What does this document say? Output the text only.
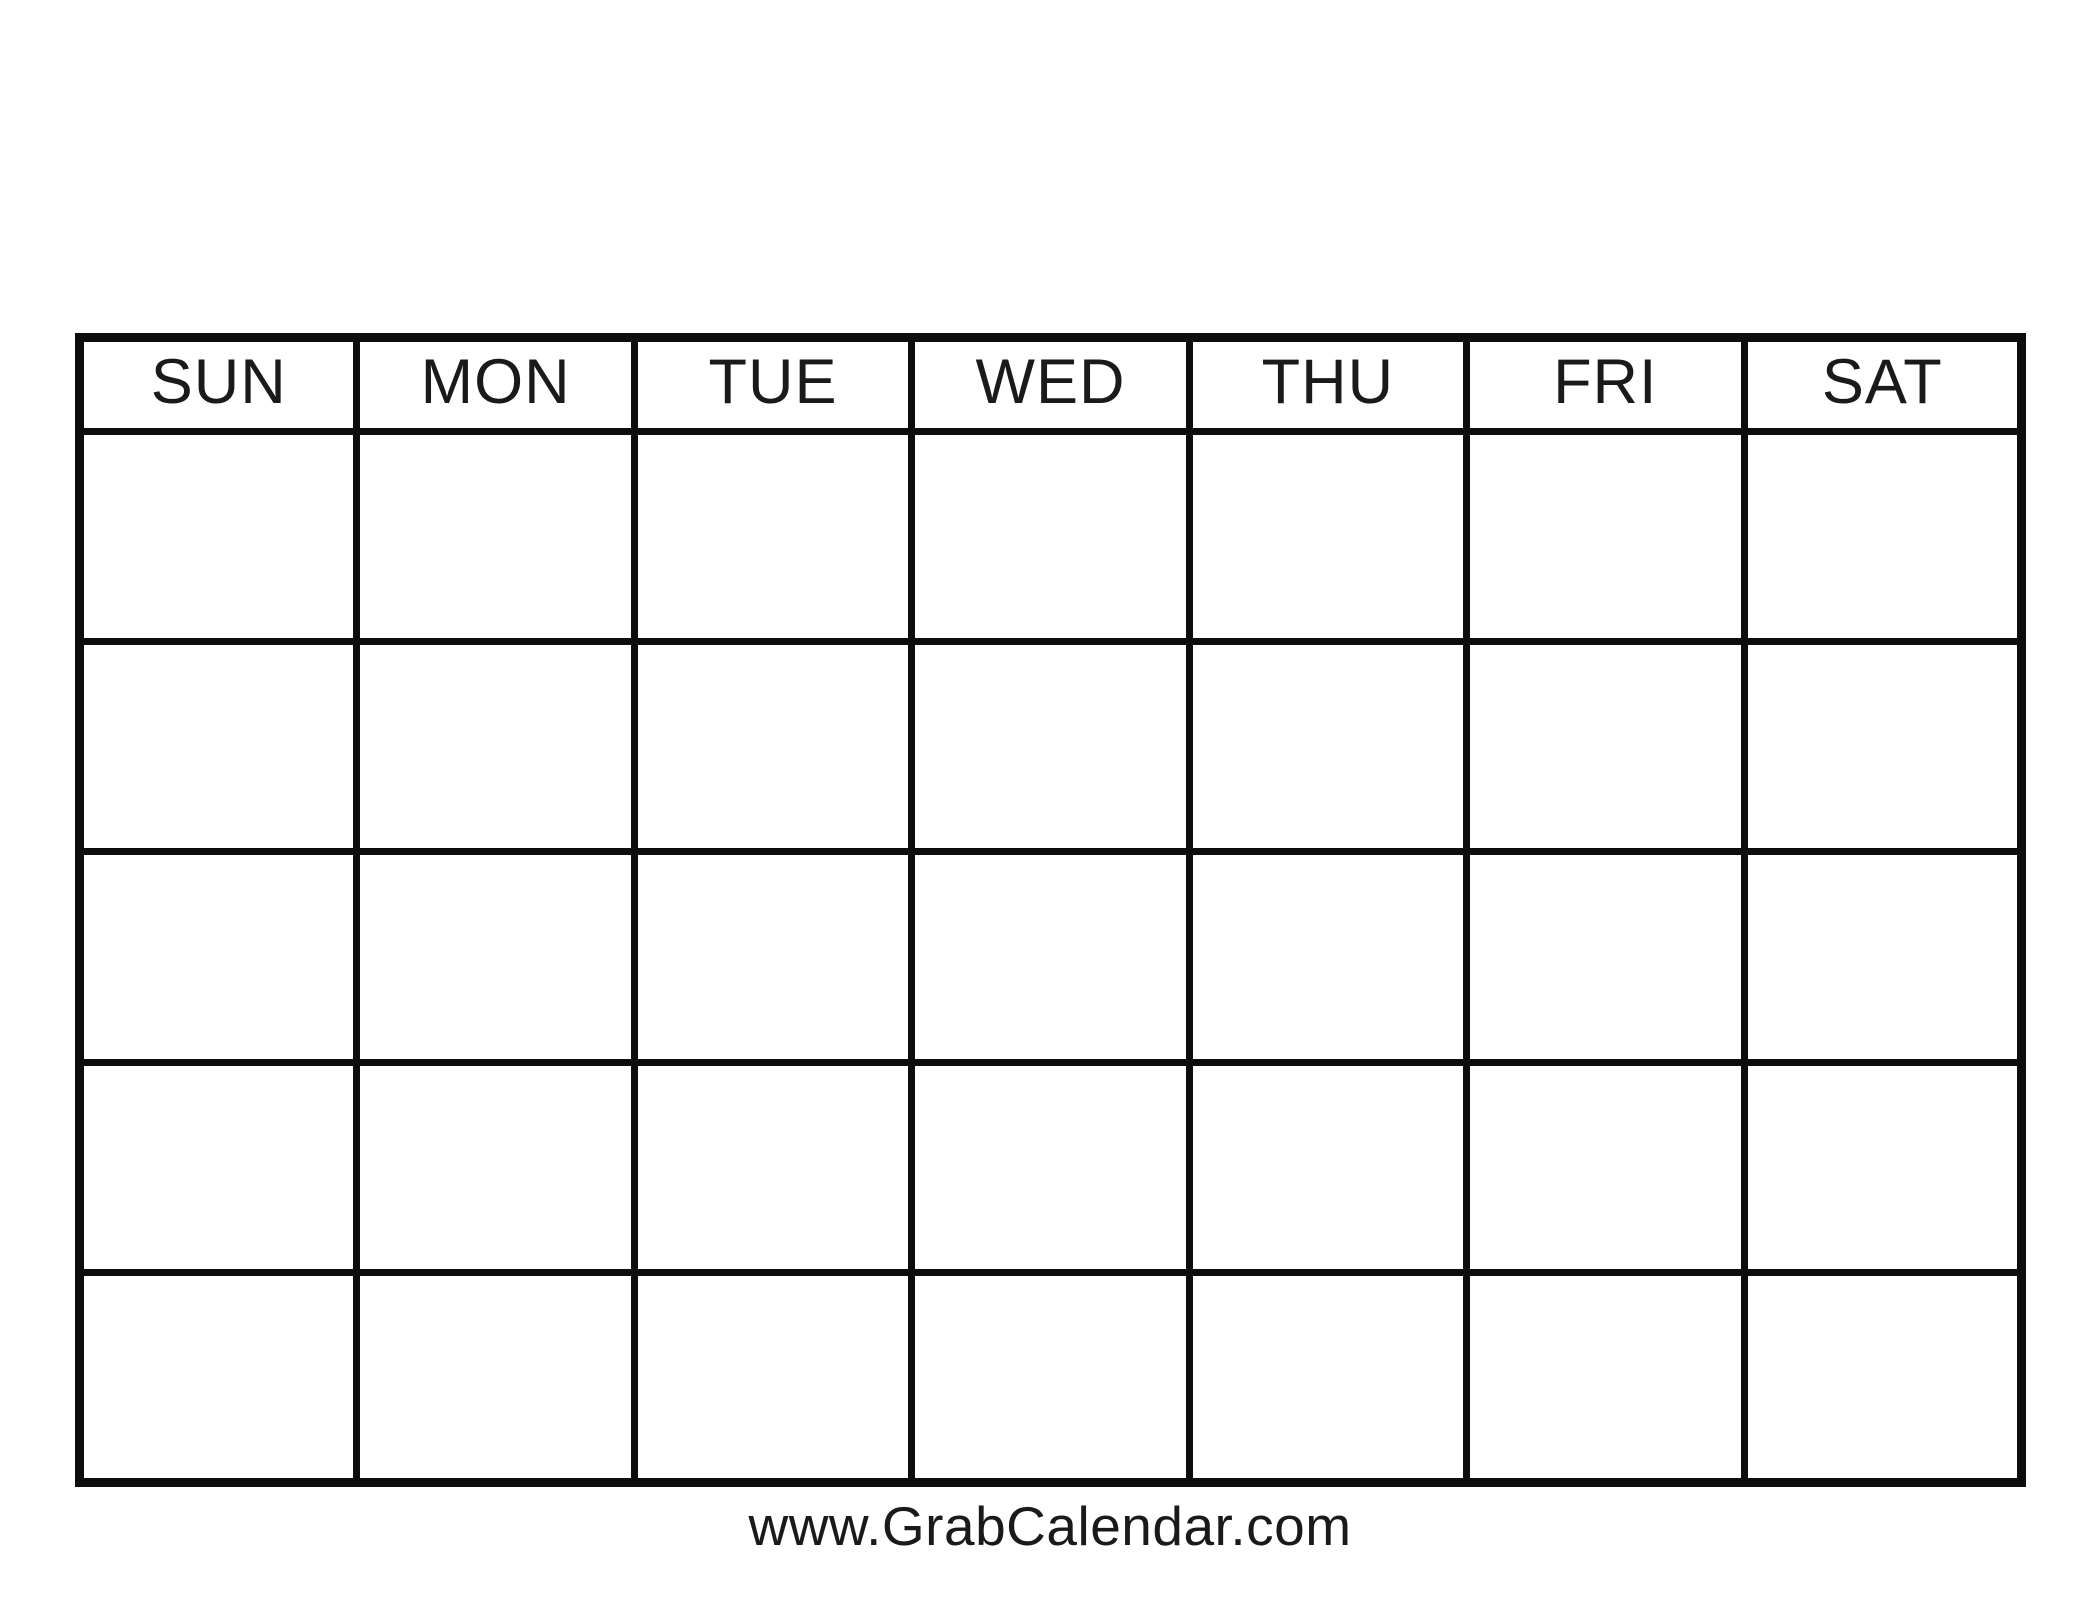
SUN	MON	TUE	WED	THU	FRI	SAT

www.GrabCalendar.com
